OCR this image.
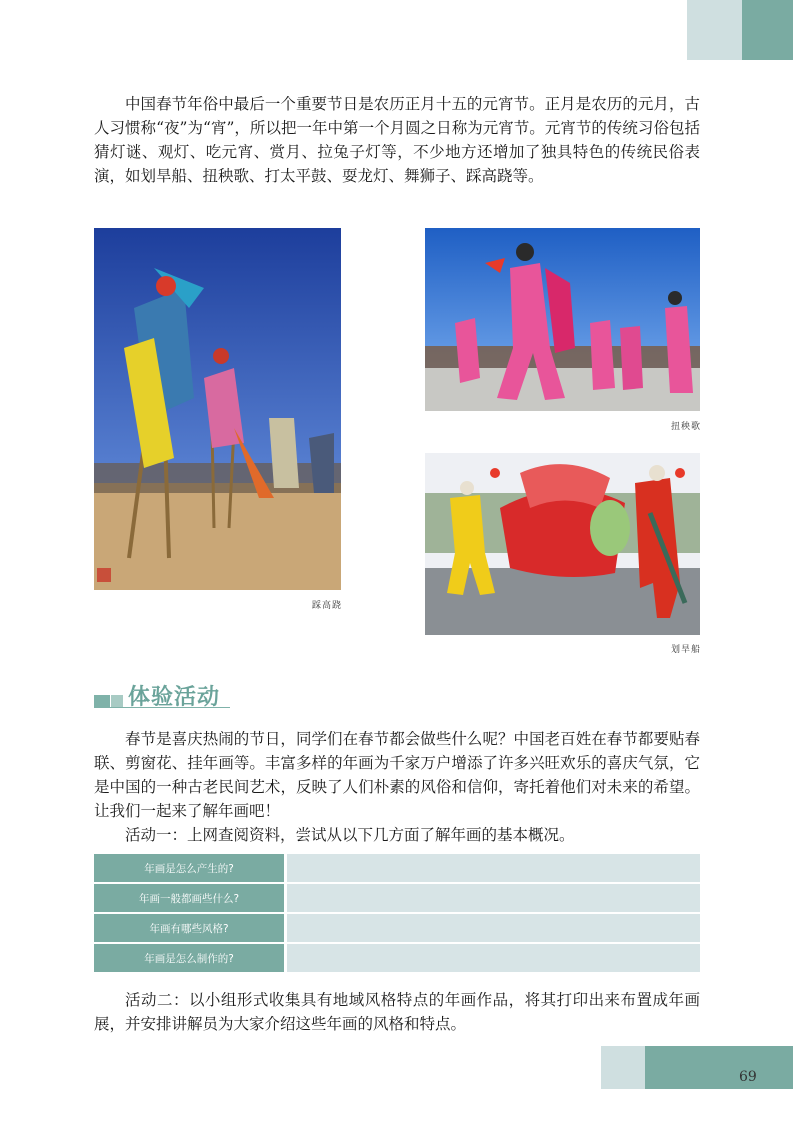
中国春节年俗中最后一个重要节日是农历正月十五的元宵节。正月是农历的元月，古人习惯称“夜”为“宵”，所以把一年中第一个月圆之日称为元宵节。元宵节的传统习俗包括猜灯谜、观灯、吃元宵、赏月、拉兔子灯等，不少地方还增加了独具特色的传统民俗表演，如划旱船、扭秧歌、打太平鼓、耍龙灯、舞狮子、踩高跷等。

踩高跷
扭秧歌
划旱船
体验活动

春节是喜庆热闹的节日，同学们在春节都会做些什么呢？中国老百姓在春节都要贴春联、剪窗花、挂年画等。丰富多样的年画为千家万户增添了许多兴旺欢乐的喜庆气氛，它是中国的一种古老民间艺术，反映了人们朴素的风俗和信仰，寄托着他们对未来的希望。让我们一起来了解年画吧！

活动一：上网查阅资料，尝试从以下几方面了解年画的基本概况。

年画是怎么产生的?	
年画一般都画些什么?	
年画有哪些风格?	
年画是怎么制作的?	

活动二：以小组形式收集具有地域风格特点的年画作品，将其打印出来布置成年画展，并安排讲解员为大家介绍这些年画的风格和特点。

69
